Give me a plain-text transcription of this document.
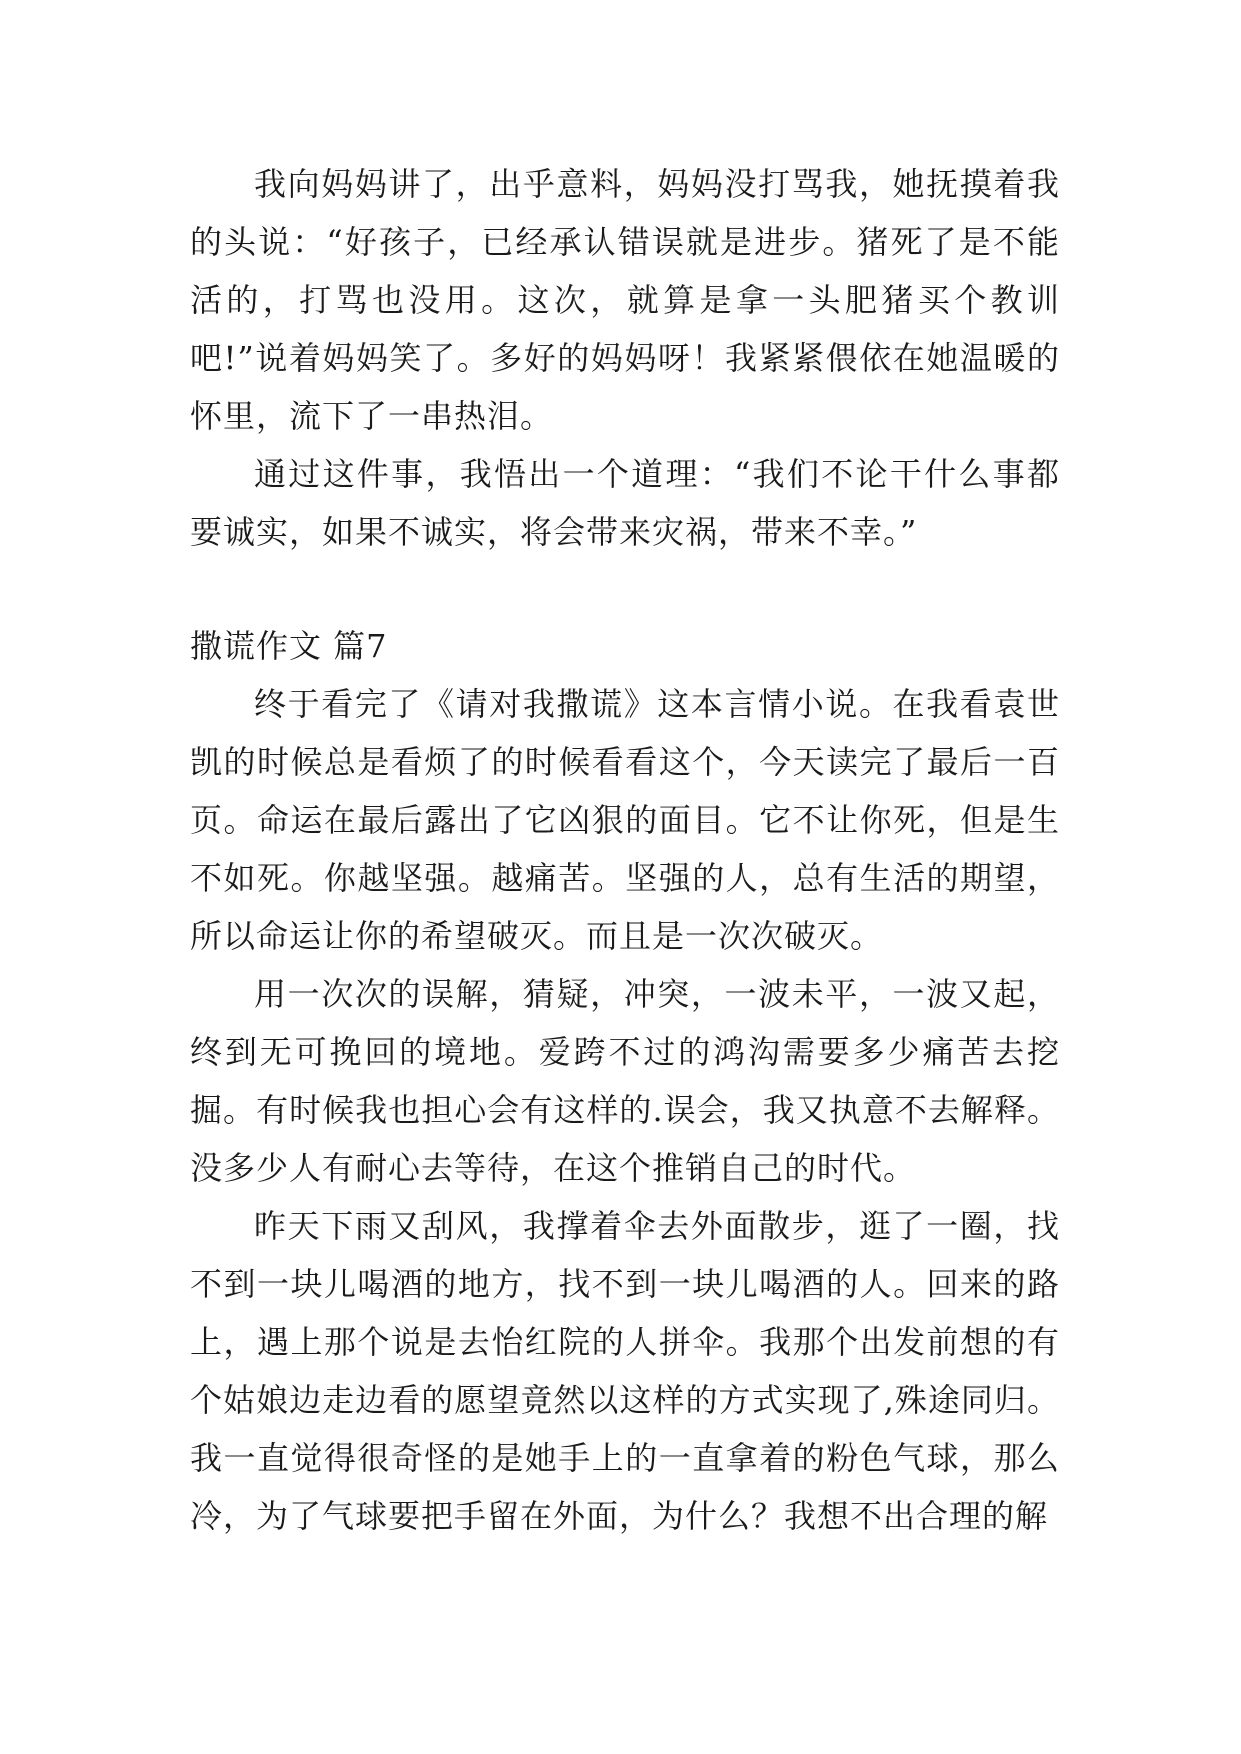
我向妈妈讲了，出乎意料，妈妈没打骂我，她抚摸着我的头说：“好孩子，已经承认错误就是进步。猪死了是不能活的，打骂也没用。这次，就算是拿一头肥猪买个教训吧!”说着妈妈笑了。多好的妈妈呀！我紧紧偎依在她温暖的怀里，流下了一串热泪。

通过这件事，我悟出一个道理：“我们不论干什么事都要诚实，如果不诚实，将会带来灾祸，带来不幸。”

撒谎作文 篇7

终于看完了《请对我撒谎》这本言情小说。在我看袁世凯的时候总是看烦了的时候看看这个，今天读完了最后一百页。命运在最后露出了它凶狠的面目。它不让你死，但是生不如死。你越坚强。越痛苦。坚强的人，总有生活的期望，所以命运让你的希望破灭。而且是一次次破灭。

用一次次的误解，猜疑，冲突，一波未平，一波又起，终到无可挽回的境地。爱跨不过的鸿沟需要多少痛苦去挖掘。有时候我也担心会有这样的.误会，我又执意不去解释。没多少人有耐心去等待，在这个推销自己的时代。

昨天下雨又刮风，我撑着伞去外面散步，逛了一圈，找不到一块儿喝酒的地方，找不到一块儿喝酒的人。回来的路上，遇上那个说是去怡红院的人拼伞。我那个出发前想的有个姑娘边走边看的愿望竟然以这样的方式实现了,殊途同归。我一直觉得很奇怪的是她手上的一直拿着的粉色气球，那么冷，为了气球要把手留在外面，为什么？我想不出合理的解
